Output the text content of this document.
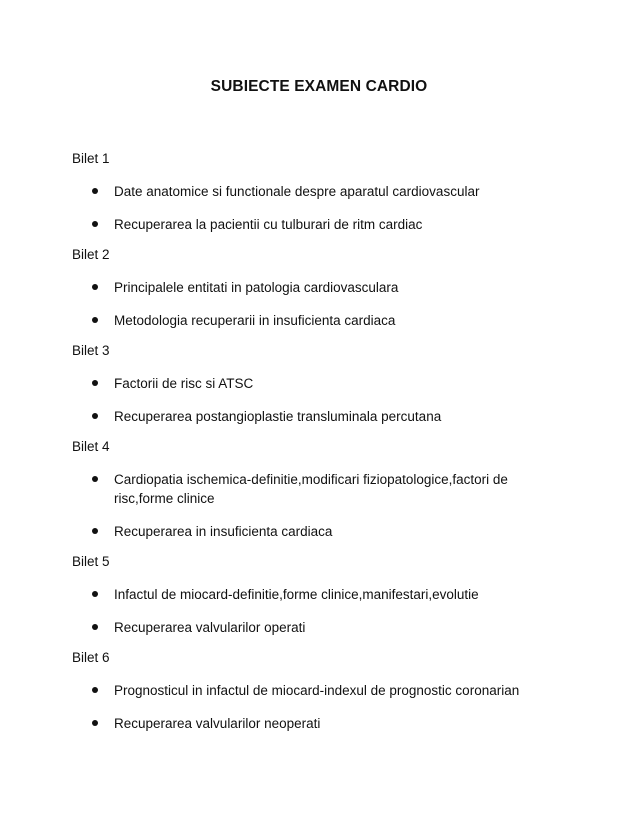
SUBIECTE EXAMEN CARDIO
Bilet 1
Date anatomice si functionale despre aparatul cardiovascular
Recuperarea la pacientii cu tulburari de ritm cardiac
Bilet 2
Principalele entitati in patologia cardiovasculara
Metodologia recuperarii in insuficienta cardiaca
Bilet 3
Factorii de risc si ATSC
Recuperarea postangioplastie transluminala percutana
Bilet 4
Cardiopatia ischemica-definitie,modificari fiziopatologice,factori de risc,forme clinice
Recuperarea in insuficienta cardiaca
Bilet 5
Infactul de miocard-definitie,forme clinice,manifestari,evolutie
Recuperarea valvularilor operati
Bilet 6
Prognosticul in infactul de miocard-indexul de prognostic coronarian
Recuperarea valvularilor neoperati
